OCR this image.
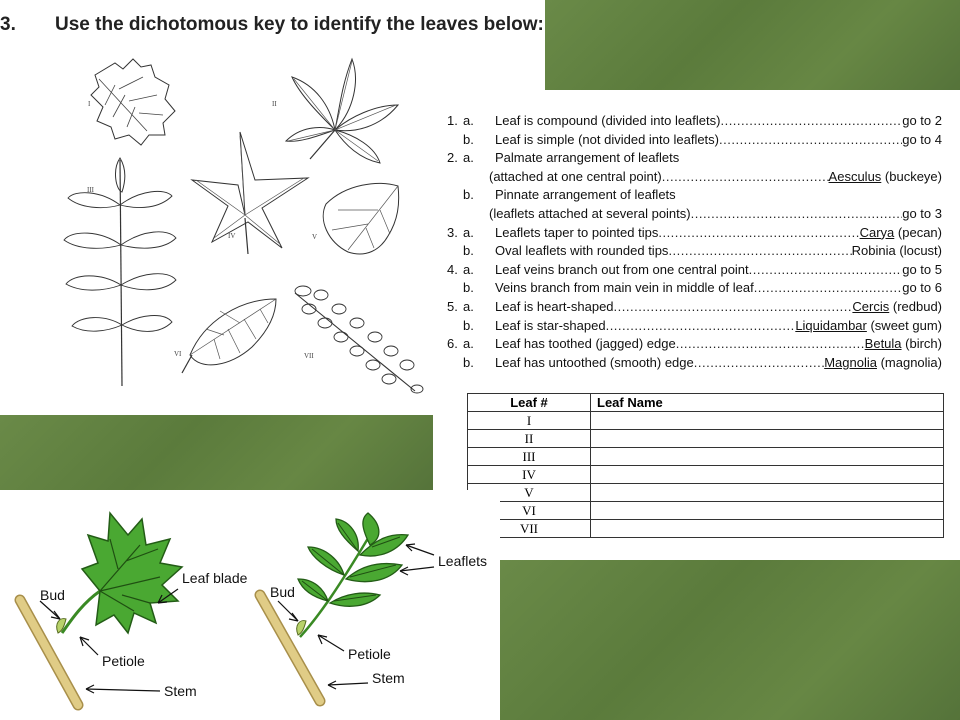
3. Use the dichotomous key to identify the leaves below:
I	II
III
IV	V
VI	VII
1. a.	Leaf is compound (divided into leaflets) .....	go to 2
b.	Leaf is simple (not divided into leaflets) .....	go to 4
2. a.	Palmate arrangement of leaflets
(attached at one central point) .....	Aesculus (buckeye)
b.	Pinnate arrangement of leaflets
(leaflets attached at several points) .....	go to 3
3. a.	Leaflets taper to pointed tips .....	Carya (pecan)
b.	Oval leaflets with rounded tips .....	Robinia (locust)
4. a.	Leaf veins branch out from one central point .....	go to 5
b.	Veins branch from main vein in middle of leaf .....	go to 6
5. a.	Leaf is heart-shaped .....	Cercis (redbud)
b.	Leaf is star-shaped .....	Liquidambar (sweet gum)
6. a.	Leaf has toothed (jagged) edge .....	Betula (birch)
b.	Leaf has untoothed (smooth) edge .....	Magnolia (magnolia)
Leaf #	Leaf Name
I	
II	
III	
IV	
V	
VI	
VII	
Bud
Leaf blade
Petiole
Stem
Bud
Leaflets
Petiole
Stem
